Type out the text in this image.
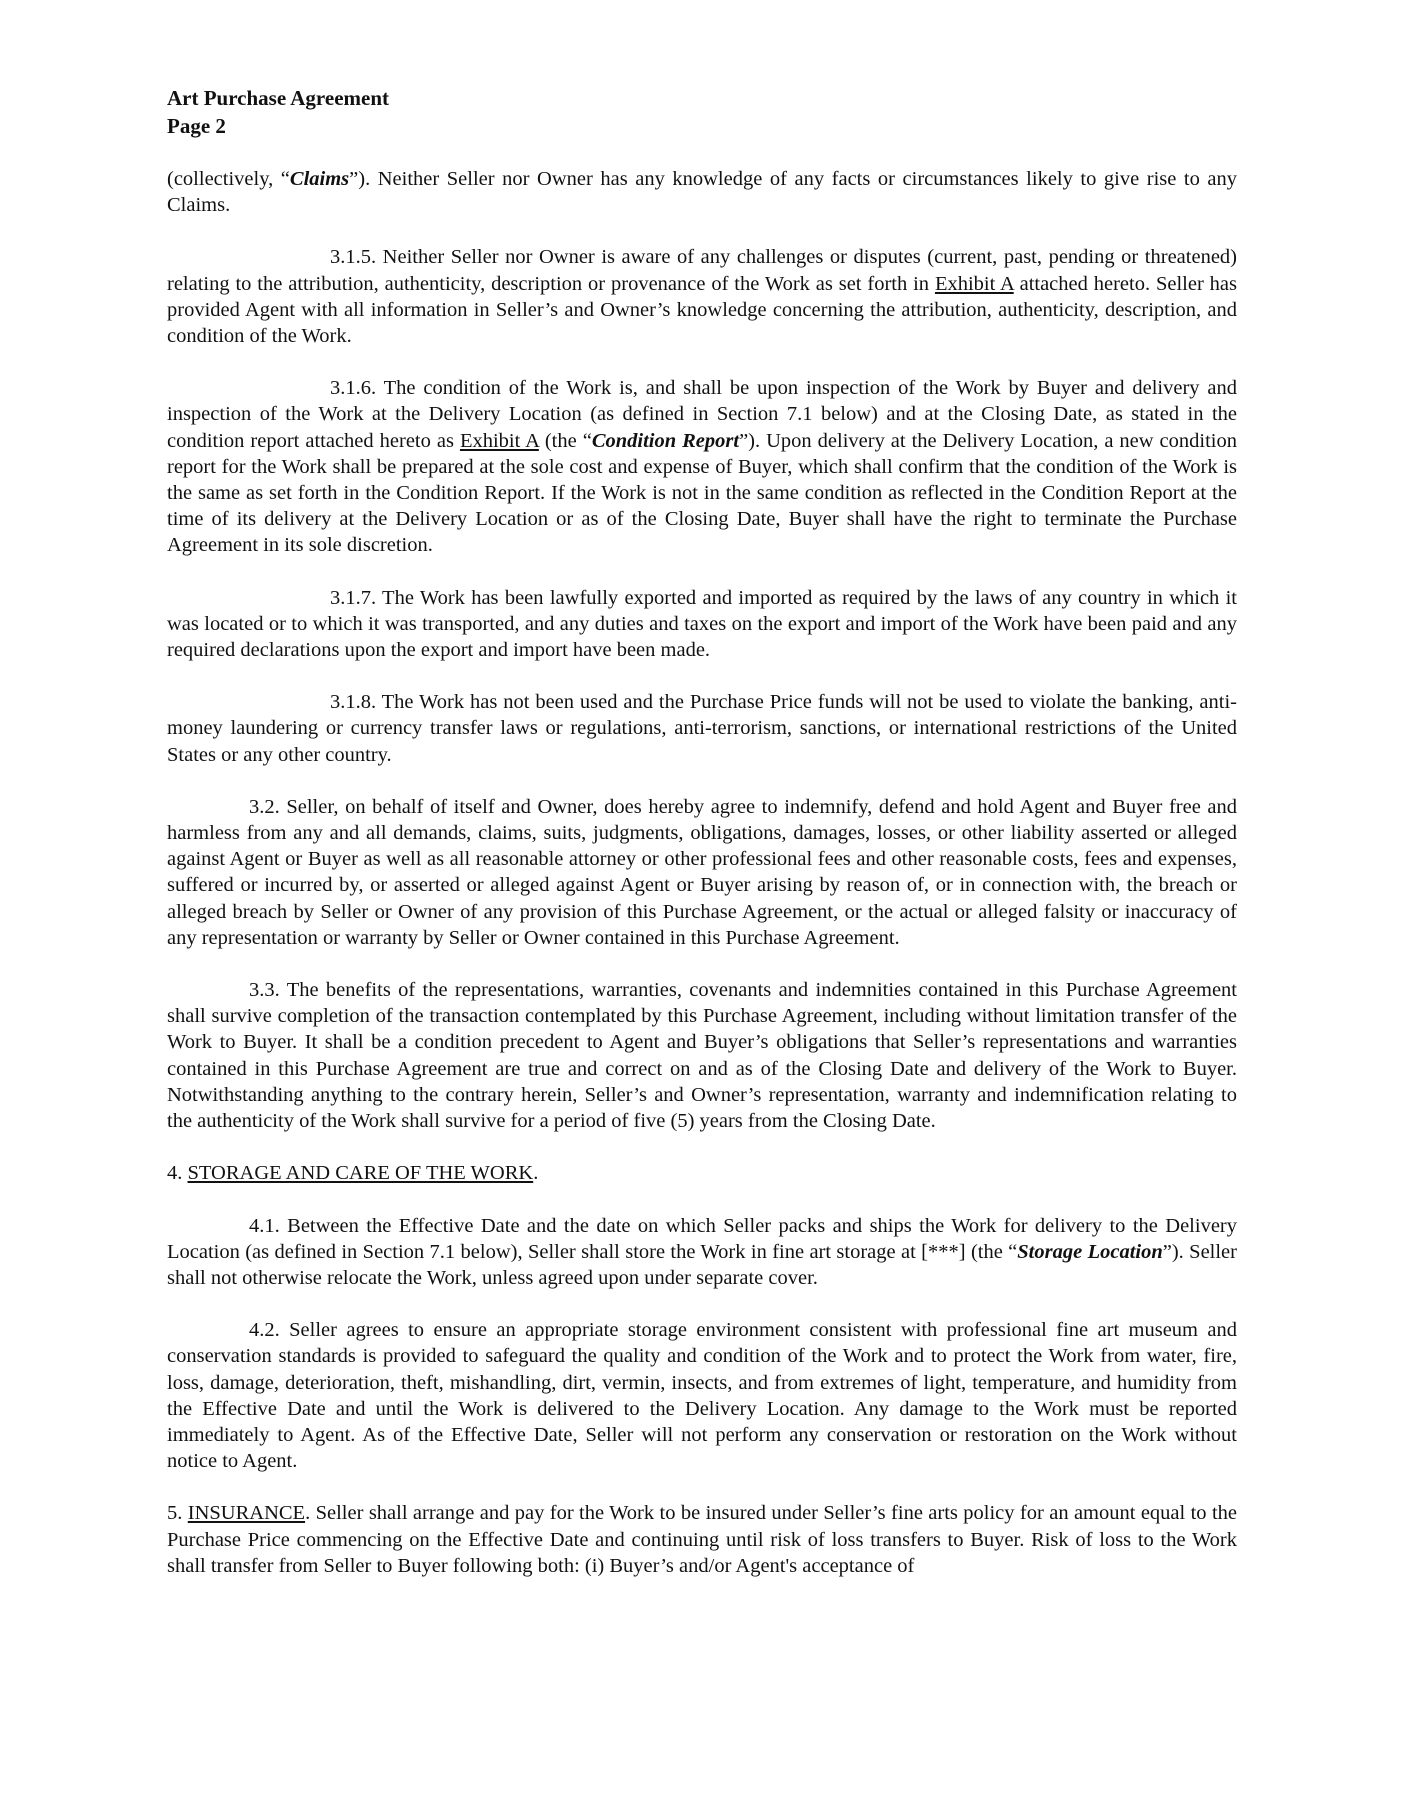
Art Purchase Agreement
Page 2

(collectively, “Claims”). Neither Seller nor Owner has any knowledge of any facts or circumstances likely to give rise to any Claims.

3.1.5. Neither Seller nor Owner is aware of any challenges or disputes (current, past, pending or threatened) relating to the attribution, authenticity, description or provenance of the Work as set forth in Exhibit A attached hereto. Seller has provided Agent with all information in Seller’s and Owner’s knowledge concerning the attribution, authenticity, description, and condition of the Work.

3.1.6. The condition of the Work is, and shall be upon inspection of the Work by Buyer and delivery and inspection of the Work at the Delivery Location (as defined in Section 7.1 below) and at the Closing Date, as stated in the condition report attached hereto as Exhibit A (the “Condition Report”). Upon delivery at the Delivery Location, a new condition report for the Work shall be prepared at the sole cost and expense of Buyer, which shall confirm that the condition of the Work is the same as set forth in the Condition Report. If the Work is not in the same condition as reflected in the Condition Report at the time of its delivery at the Delivery Location or as of the Closing Date, Buyer shall have the right to terminate the Purchase Agreement in its sole discretion.

3.1.7. The Work has been lawfully exported and imported as required by the laws of any country in which it was located or to which it was transported, and any duties and taxes on the export and import of the Work have been paid and any required declarations upon the export and import have been made.

3.1.8. The Work has not been used and the Purchase Price funds will not be used to violate the banking, anti-money laundering or currency transfer laws or regulations, anti-terrorism, sanctions, or international restrictions of the United States or any other country.

3.2. Seller, on behalf of itself and Owner, does hereby agree to indemnify, defend and hold Agent and Buyer free and harmless from any and all demands, claims, suits, judgments, obligations, damages, losses, or other liability asserted or alleged against Agent or Buyer as well as all reasonable attorney or other professional fees and other reasonable costs, fees and expenses, suffered or incurred by, or asserted or alleged against Agent or Buyer arising by reason of, or in connection with, the breach or alleged breach by Seller or Owner of any provision of this Purchase Agreement, or the actual or alleged falsity or inaccuracy of any representation or warranty by Seller or Owner contained in this Purchase Agreement.

3.3. The benefits of the representations, warranties, covenants and indemnities contained in this Purchase Agreement shall survive completion of the transaction contemplated by this Purchase Agreement, including without limitation transfer of the Work to Buyer. It shall be a condition precedent to Agent and Buyer’s obligations that Seller’s representations and warranties contained in this Purchase Agreement are true and correct on and as of the Closing Date and delivery of the Work to Buyer. Notwithstanding anything to the contrary herein, Seller’s and Owner’s representation, warranty and indemnification relating to the authenticity of the Work shall survive for a period of five (5) years from the Closing Date.

4. STORAGE AND CARE OF THE WORK.

4.1. Between the Effective Date and the date on which Seller packs and ships the Work for delivery to the Delivery Location (as defined in Section 7.1 below), Seller shall store the Work in fine art storage at [***] (the “Storage Location”). Seller shall not otherwise relocate the Work, unless agreed upon under separate cover.

4.2. Seller agrees to ensure an appropriate storage environment consistent with professional fine art museum and conservation standards is provided to safeguard the quality and condition of the Work and to protect the Work from water, fire, loss, damage, deterioration, theft, mishandling, dirt, vermin, insects, and from extremes of light, temperature, and humidity from the Effective Date and until the Work is delivered to the Delivery Location. Any damage to the Work must be reported immediately to Agent. As of the Effective Date, Seller will not perform any conservation or restoration on the Work without notice to Agent.

5. INSURANCE. Seller shall arrange and pay for the Work to be insured under Seller’s fine arts policy for an amount equal to the Purchase Price commencing on the Effective Date and continuing until risk of loss transfers to Buyer. Risk of loss to the Work shall transfer from Seller to Buyer following both: (i) Buyer’s and/or Agent's acceptance of
